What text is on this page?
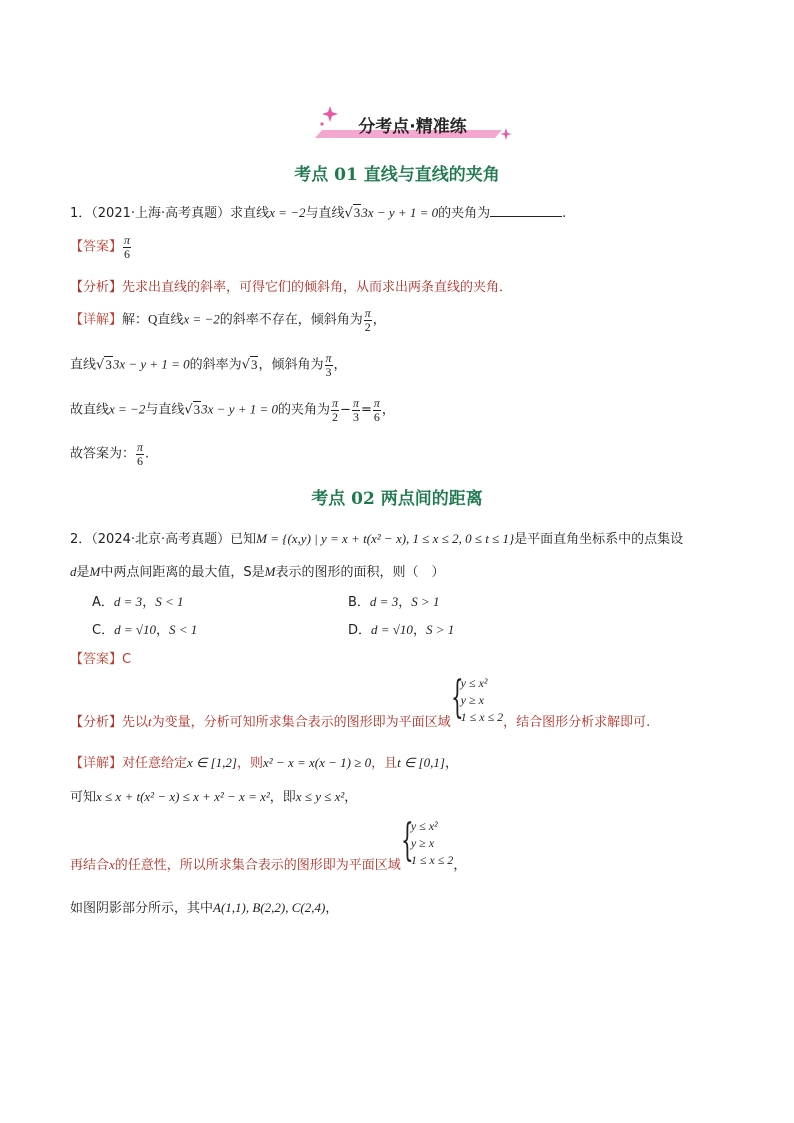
分考点·精准练
考点 01 直线与直线的夹角
1．（2021·上海·高考真题）求直线x = −2与直线√33x − y + 1 = 0的夹角为	.
【答案】 $\frac{\pi}{6}$
【分析】先求出直线的斜率，可得它们的倾斜角，从而求出两条直线的夹角．
【详解】解：Q直线x = −2的斜率不存在，倾斜角为 $\frac{\pi}{2}$ ，
直线√33x − y + 1 = 0的斜率为√3，倾斜角为 $\frac{\pi}{3}$ ，
故直线x = −2与直线√33x − y + 1 = 0的夹角为 $\frac{\pi}{2} - \frac{\pi}{3} = \frac{\pi}{6}$ ，
故答案为： $\frac{\pi}{6}$ .
考点 02 两点间的距离
2．（2024·北京·高考真题）已知M = {(x,y) | y = x + t(x² − x), 1 ≤ x ≤ 2, 0 ≤ t ≤ 1}是平面直角坐标系中的点集设
d是M中两点间距离的最大值，S是M表示的图形的面积，则（　）
A．d = 3，S < 1	B．d = 3，S > 1
C．d = √10，S < 1	D．d = √10，S > 1
【答案】C
【分析】先以t为变量，分析可知所求集合表示的图形即为平面区域 {
y ≤ x²
y ≥ x
1 ≤ x ≤ 2 ，结合图形分析求解即可.
【详解】对任意给定x ∈ [1,2]，则x² − x = x(x − 1) ≥ 0，且t ∈ [0,1]，
可知x ≤ x + t(x² − x) ≤ x + x² − x = x²，即x ≤ y ≤ x²，
再结合x的任意性，所以所求集合表示的图形即为平面区域 {
y ≤ x²
y ≥ x
1 ≤ x ≤ 2 ，
如图阴影部分所示，其中A(1,1), B(2,2), C(2,4)，
